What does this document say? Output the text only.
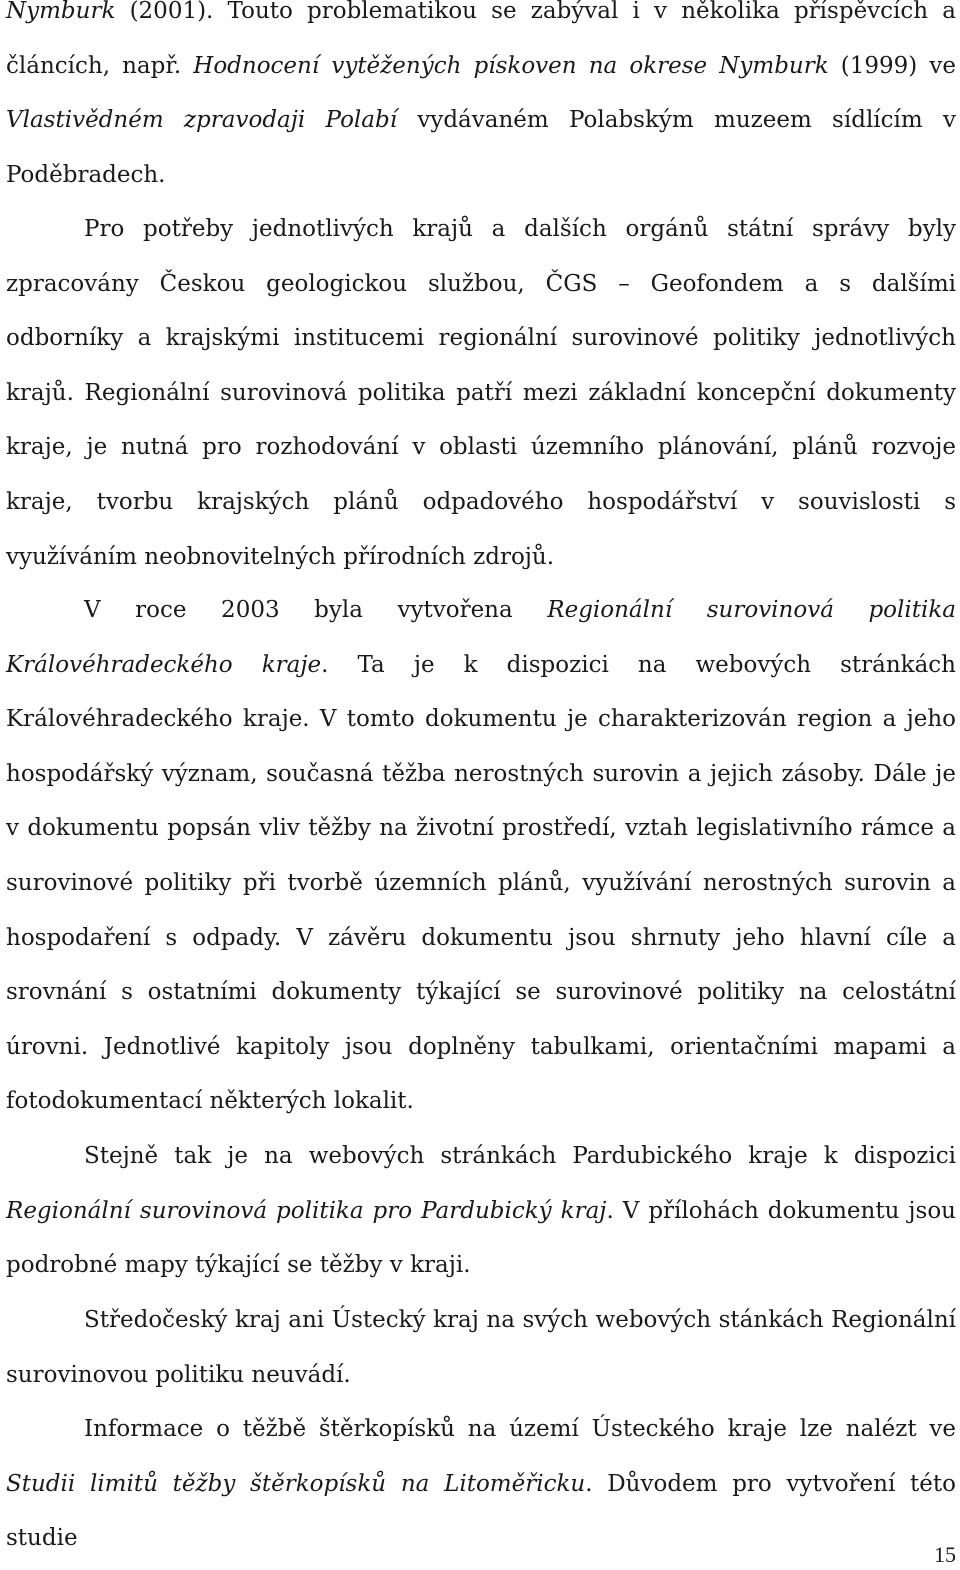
Nymburk (2001). Touto problematikou se zabýval i v několika příspěvcích a článcích, např. Hodnocení vytěžených pískoven na okrese Nymburk (1999) ve Vlastivědném zpravodaji Polabí vydávaném Polabským muzeem sídlícím v Poděbradech.

Pro potřeby jednotlivých krajů a dalších orgánů státní správy byly zpracovány Českou geologickou službou, ČGS – Geofondem a s dalšími odborníky a krajskými institucemi regionální surovinové politiky jednotlivých krajů. Regionální surovinová politika patří mezi základní koncepční dokumenty kraje, je nutná pro rozhodování v oblasti územního plánování, plánů rozvoje kraje, tvorbu krajských plánů odpadového hospodářství v souvislosti s využíváním neobnovitelných přírodních zdrojů.

V roce 2003 byla vytvořena Regionální surovinová politika Královéhradeckého kraje. Ta je k dispozici na webových stránkách Královéhradeckého kraje. V tomto dokumentu je charakterizován region a jeho hospodářský význam, současná těžba nerostných surovin a jejich zásoby. Dále je v dokumentu popsán vliv těžby na životní prostředí, vztah legislativního rámce a surovinové politiky při tvorbě územních plánů, využívání nerostných surovin a hospodaření s odpady. V závěru dokumentu jsou shrnuty jeho hlavní cíle a srovnání s ostatními dokumenty týkající se surovinové politiky na celostátní úrovni. Jednotlivé kapitoly jsou doplněny tabulkami, orientačními mapami a fotodokumentací některých lokalit.

Stejně tak je na webových stránkách Pardubického kraje k dispozici Regionální surovinová politika pro Pardubický kraj. V přílohách dokumentu jsou podrobné mapy týkající se těžby v kraji.

Středočeský kraj ani Ústecký kraj na svých webových stánkách Regionální surovinovou politiku neuvádí.

Informace o těžbě štěrkopísků na území Ústeckého kraje lze nalézt ve Studii limitů těžby štěrkopísků na Litoměřicku. Důvodem pro vytvoření této studie

15
